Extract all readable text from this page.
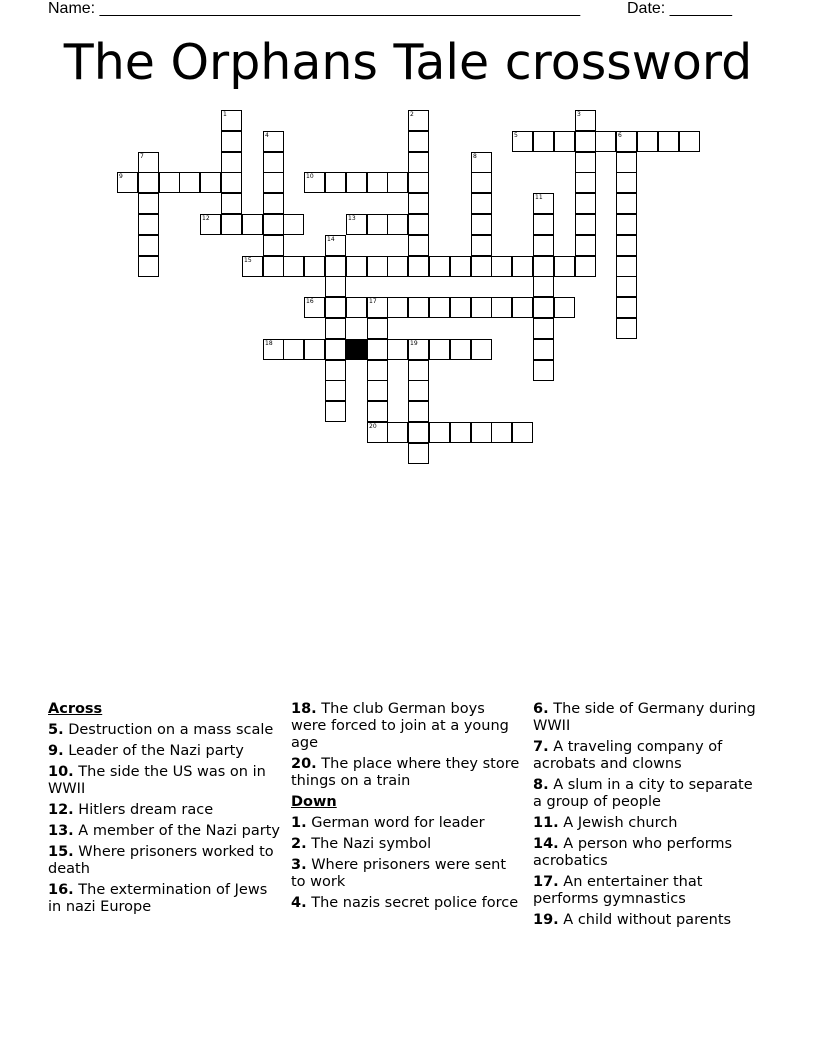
Name: ______________________________________________________	Date: _______
The Orphans Tale crossword
1	2	3
4	5	6
7	8
9	10
11
12	13
14
15
16	17
20
18	19
Across
5. Destruction on a mass scale
9. Leader of the Nazi party
10. The side the US was on in WWII
12. Hitlers dream race
13. A member of the Nazi party
15. Where prisoners worked to death
16. The extermination of Jews in nazi Europe
18. The club German boys were forced to join at a young age
20. The place where they store things on a train
Down
1. German word for leader
2. The Nazi symbol
3. Where prisoners were sent to work
4. The nazis secret police force
6. The side of Germany during WWII
7. A traveling company of acrobats and clowns
8. A slum in a city to separate a group of people
11. A Jewish church
14. A person who performs acrobatics
17. An entertainer that performs gymnastics
19. A child without parents
